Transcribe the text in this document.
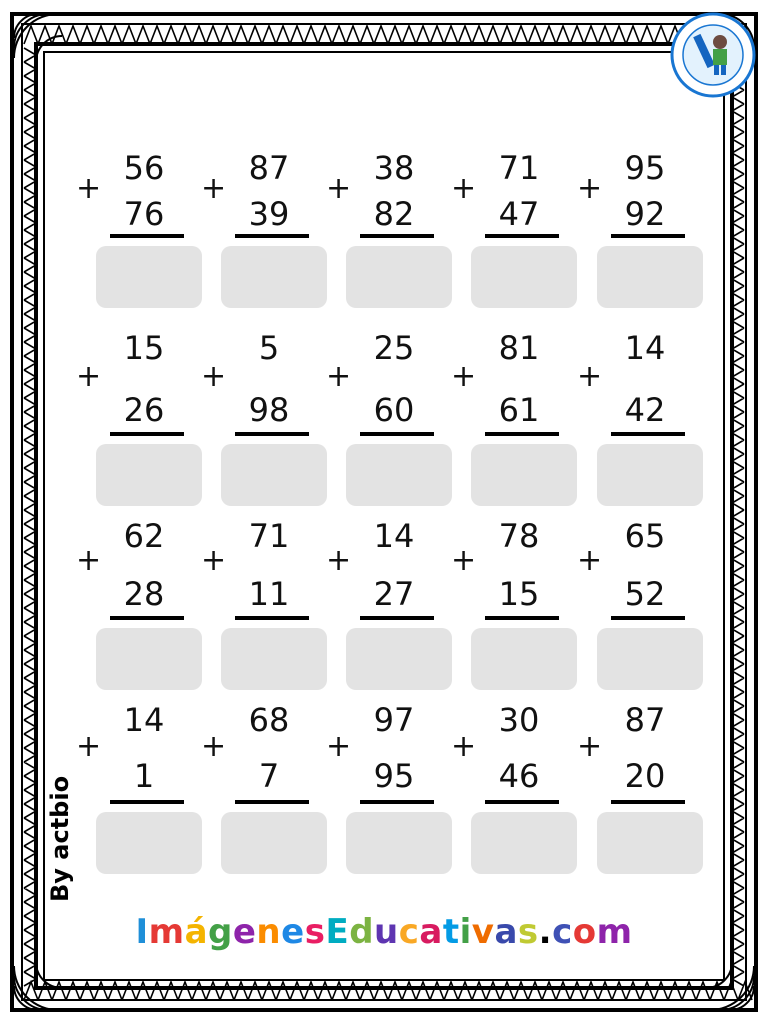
+
56
76
+
87
39
+
38
82
+
71
47
+
95
92
+
15
26
+
5
98
+
25
60
+
81
61
+
14
42
+
62
28
+
71
11
+
14
27
+
78
15
+
65
52
+
14
1
+
68
7
+
97
95
+
30
46
+
87
20
By actbio
ImágenesEducativas.com
